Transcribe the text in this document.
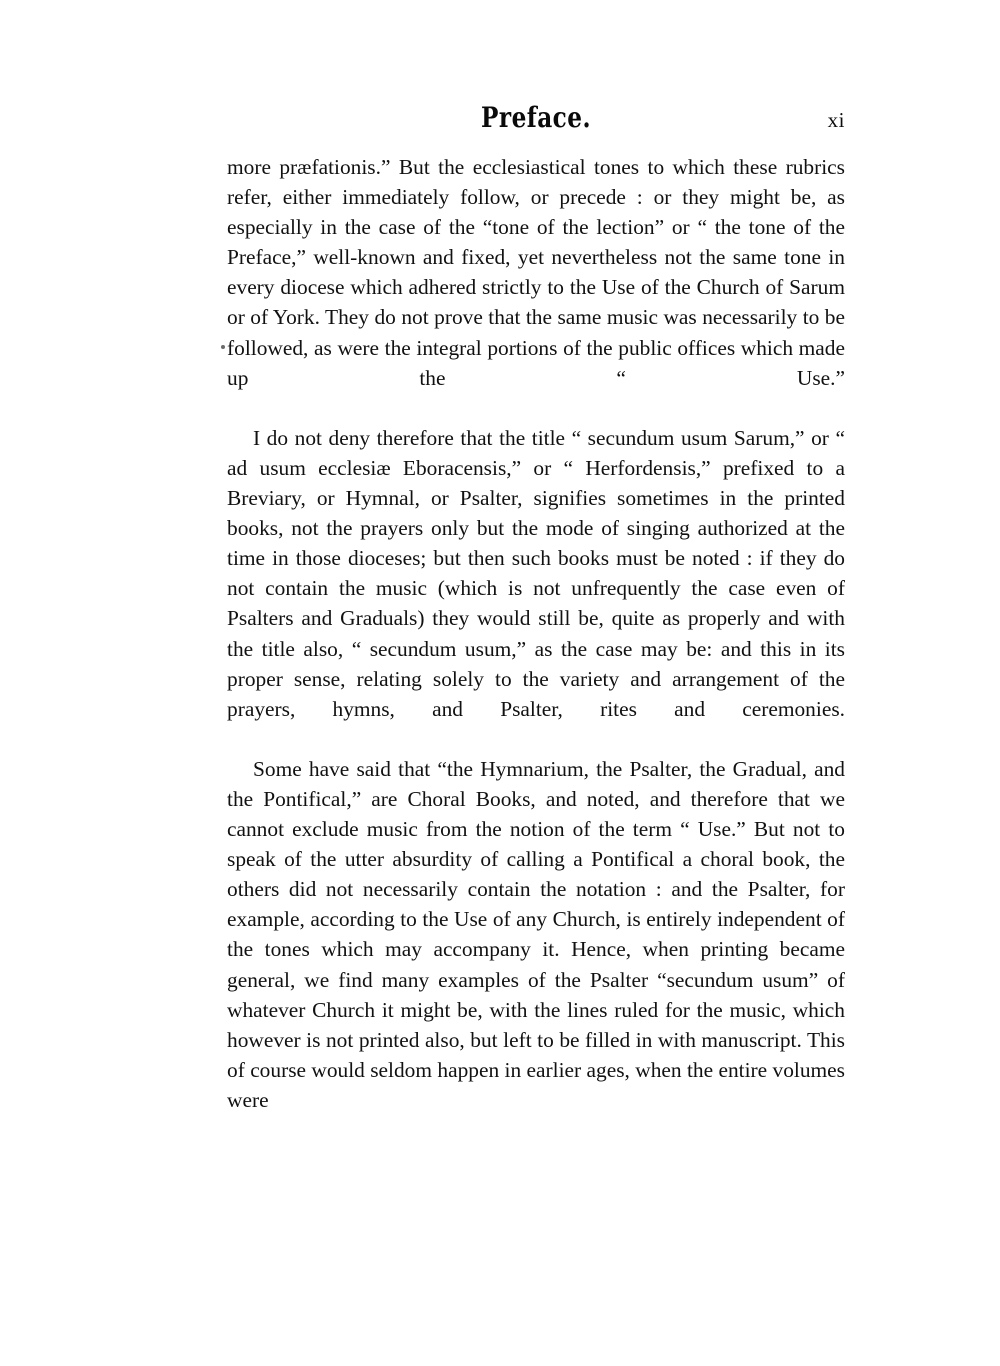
Preface.	xi

more præfationis.” But the ecclesiastical tones to which these rubrics refer, either immediately follow, or precede : or they might be, as especially in the case of the “tone of the lection” or “ the tone of the Preface,” well-known and fixed, yet nevertheless not the same tone in every diocese which adhered strictly to the Use of the Church of Sarum or of York. They do not prove that the same music was necessarily to be followed, as were the integral portions of the public offices which made up the “ Use.”

I do not deny therefore that the title “ secundum usum Sarum,” or “ ad usum ecclesiæ Eboracensis,” or “ Herfordensis,” prefixed to a Breviary, or Hymnal, or Psalter, signifies sometimes in the printed books, not the prayers only but the mode of singing authorized at the time in those dioceses; but then such books must be noted : if they do not contain the music (which is not unfrequently the case even of Psalters and Graduals) they would still be, quite as properly and with the title also, “ secundum usum,” as the case may be: and this in its proper sense, relating solely to the variety and arrangement of the prayers, hymns, and Psalter, rites and ceremonies.

Some have said that “the Hymnarium, the Psalter, the Gradual, and the Pontifical,” are Choral Books, and noted, and therefore that we cannot exclude music from the notion of the term “ Use.” But not to speak of the utter absurdity of calling a Pontifical a choral book, the others did not necessarily contain the notation : and the Psalter, for example, according to the Use of any Church, is entirely independent of the tones which may accompany it. Hence, when printing became general, we find many examples of the Psalter “secundum usum” of whatever Church it might be, with the lines ruled for the music, which however is not printed also, but left to be filled in with manuscript. This of course would seldom happen in earlier ages, when the entire volumes were
